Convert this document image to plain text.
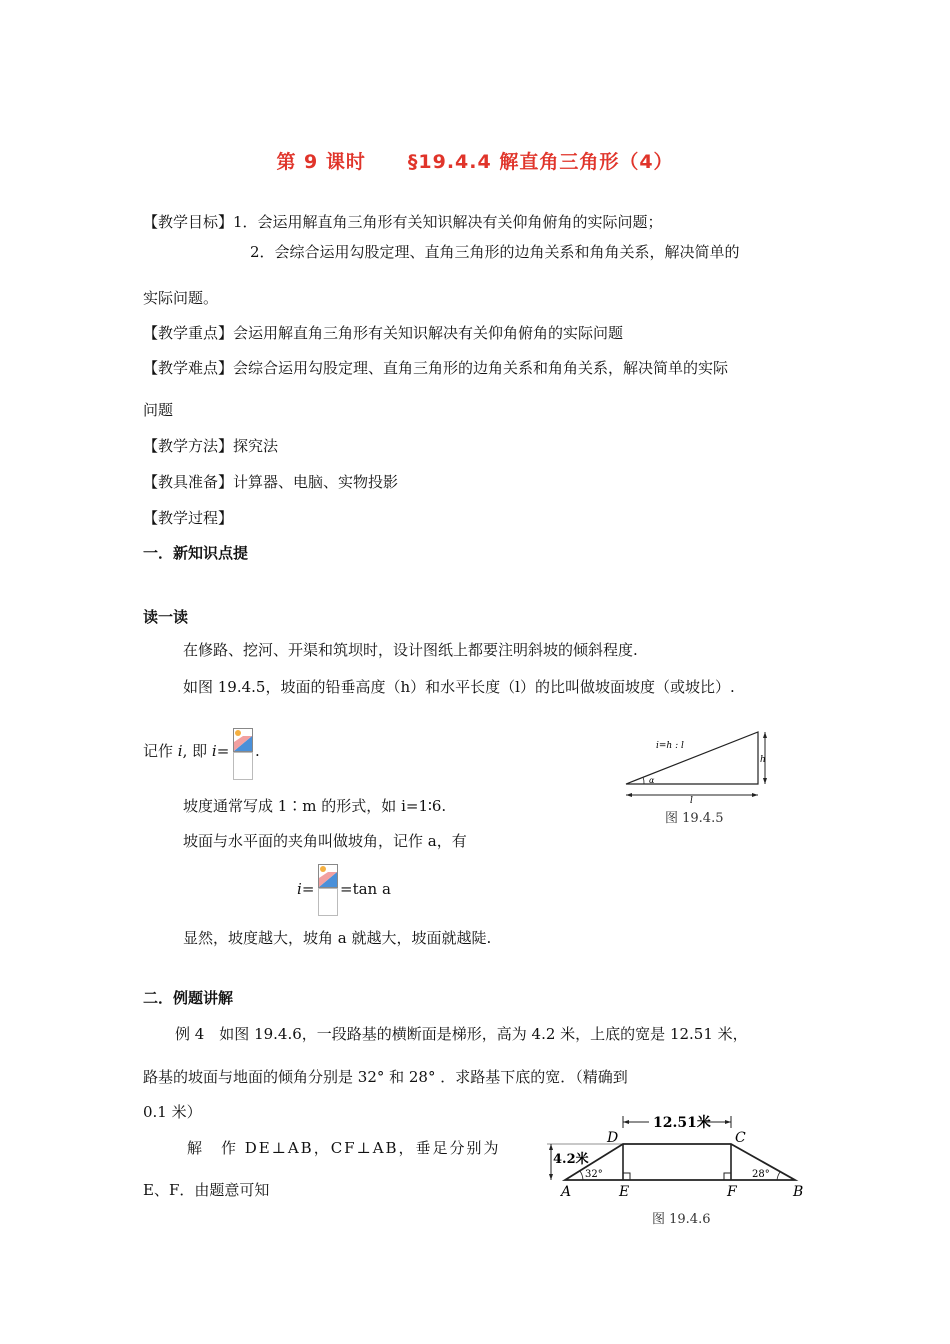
第 9 课时 §19.4.4 解直角三角形（4）
【教学目标】1．会运用解直角三角形有关知识解决有关仰角俯角的实际问题；
2．会综合运用勾股定理、直角三角形的边角关系和角角关系，解决简单的
实际问题。
【教学重点】会运用解直角三角形有关知识解决有关仰角俯角的实际问题
【教学难点】会综合运用勾股定理、直角三角形的边角关系和角角关系，解决简单的实际
问题
【教学方法】探究法
【教具准备】计算器、电脑、实物投影
【教学过程】
一．新知识点提
读一读
在修路、挖河、开渠和筑坝时，设计图纸上都要注明斜坡的倾斜程度.
如图 19.4.5，坡面的铅垂高度（h）和水平长度（l）的比叫做坡面坡度（或坡比）.
记作 i, 即 i= .	i=h : l
h
l
α
图 19.4.5
坡度通常写成 1∶m 的形式，如 i=1∶6.
坡面与水平面的夹角叫做坡角，记作 a，有
i= =tan a
显然，坡度越大，坡角 a 就越大，坡面就越陡.
二．例题讲解
例 4　如图 19.4.6，一段路基的横断面是梯形，高为 4.2 米，上底的宽是 12.51 米，
路基的坡面与地面的倾角分别是 32° 和 28° ．求路基下底的宽．（精确到
0.1 米）
解　作 DE⊥AB，CF⊥AB，垂足分别为
E、F．由题意可知
12.51米
4.2米
32°	28°
A	E	F	B
D	C
图 19.4.6
